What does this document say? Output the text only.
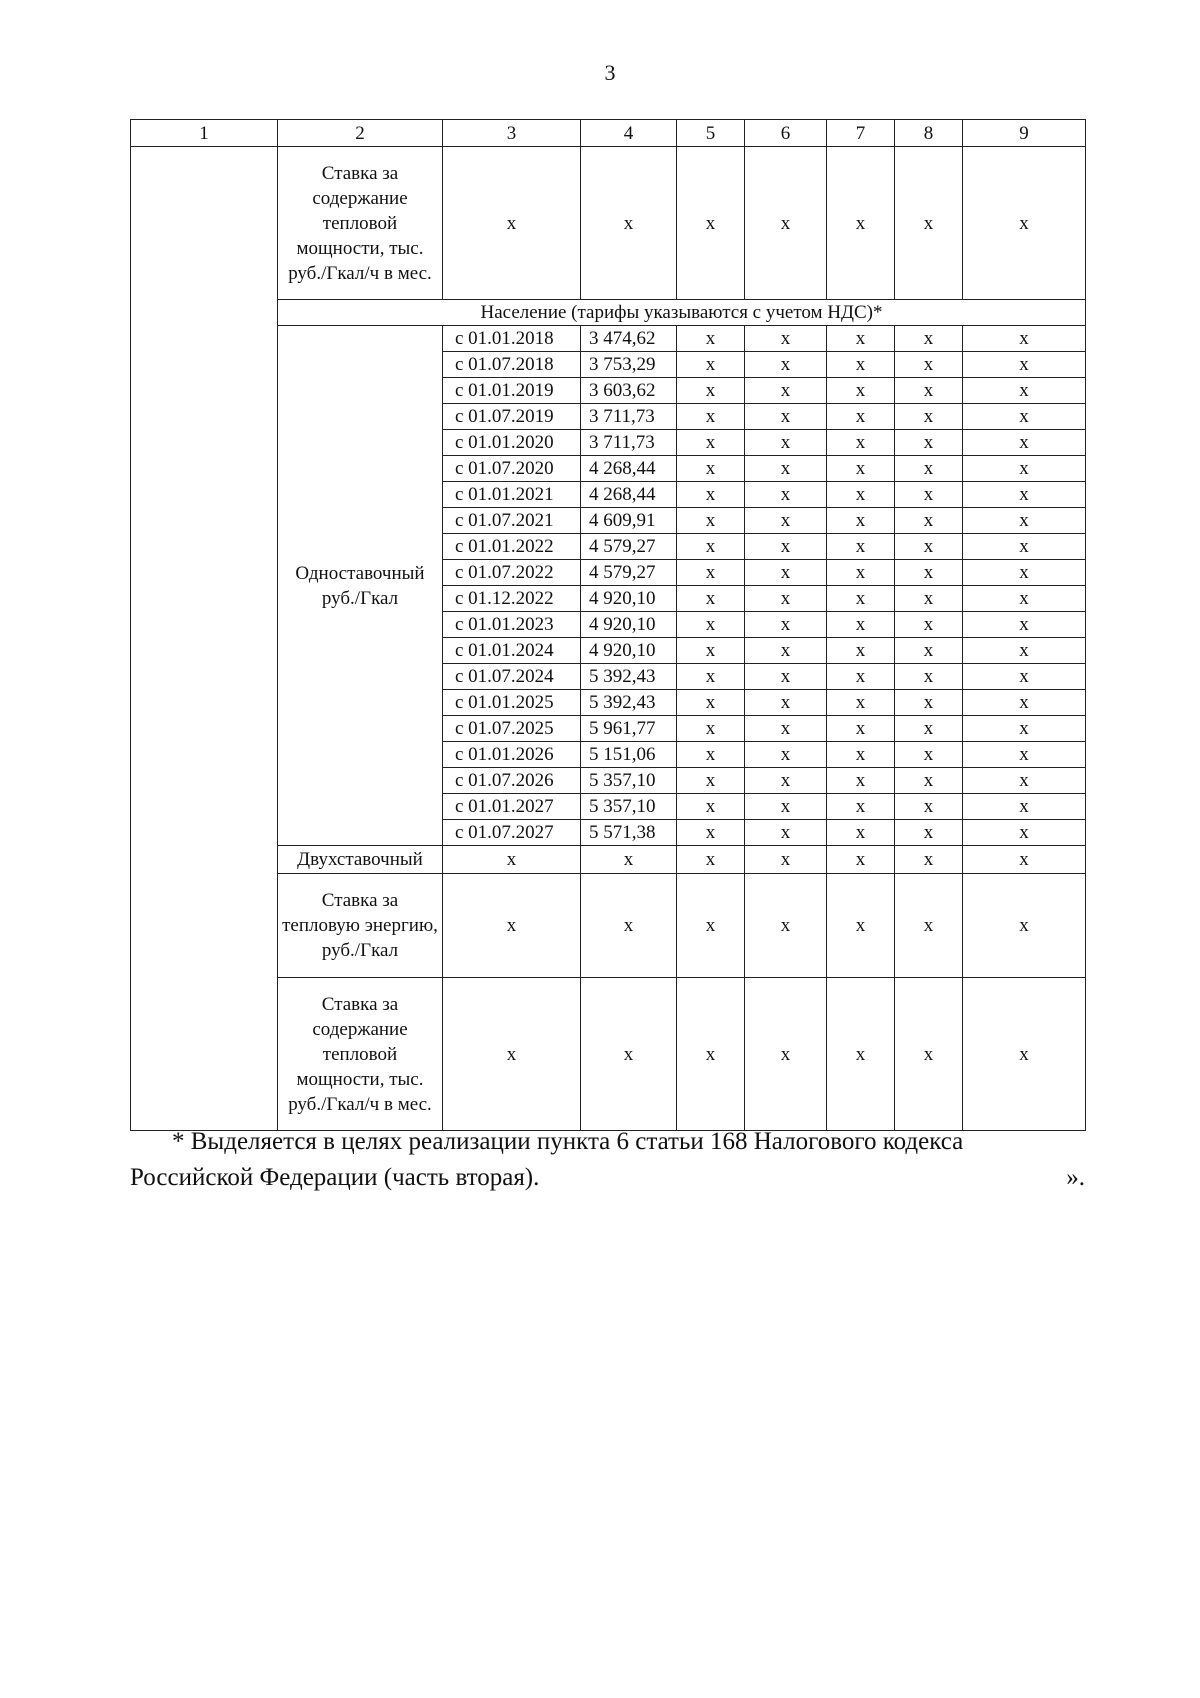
3
1	2	3	4	5	6	7	8	9
	Ставка за содержание тепловой мощности, тыс. руб./Гкал/ч в мес.	х	х	х	х	х	х	х
	Население (тарифы указываются с учетом НДС)*							
	Одноставочный руб./Гкал	с 01.01.2018	3 474,62	х	х	х	х	х
		с 01.07.2018	3 753,29	х	х	х	х	х
		с 01.01.2019	3 603,62	х	х	х	х	х
		с 01.07.2019	3 711,73	х	х	х	х	х
		с 01.01.2020	3 711,73	х	х	х	х	х
		с 01.07.2020	4 268,44	х	х	х	х	х
		с 01.01.2021	4 268,44	х	х	х	х	х
		с 01.07.2021	4 609,91	х	х	х	х	х
		с 01.01.2022	4 579,27	х	х	х	х	х
		с 01.07.2022	4 579,27	х	х	х	х	х
		с 01.12.2022	4 920,10	х	х	х	х	х
		с 01.01.2023	4 920,10	х	х	х	х	х
		с 01.01.2024	4 920,10	х	х	х	х	х
		с 01.07.2024	5 392,43	х	х	х	х	х
		с 01.01.2025	5 392,43	х	х	х	х	х
		с 01.07.2025	5 961,77	х	х	х	х	х
		с 01.01.2026	5 151,06	х	х	х	х	х
		с 01.07.2026	5 357,10	х	х	х	х	х
		с 01.01.2027	5 357,10	х	х	х	х	х
		с 01.07.2027	5 571,38	х	х	х	х	х
	Двухставочный	х	х	х	х	х	х	х
	Ставка за тепловую энергию, руб./Гкал	х	х	х	х	х	х	х
	Ставка за содержание тепловой мощности, тыс. руб./Гкал/ч в мес.	х	х	х	х	х	х	х
* Выделяется в целях реализации пункта 6 статьи 168 Налогового кодекса
Российской Федерации (часть вторая).	».
